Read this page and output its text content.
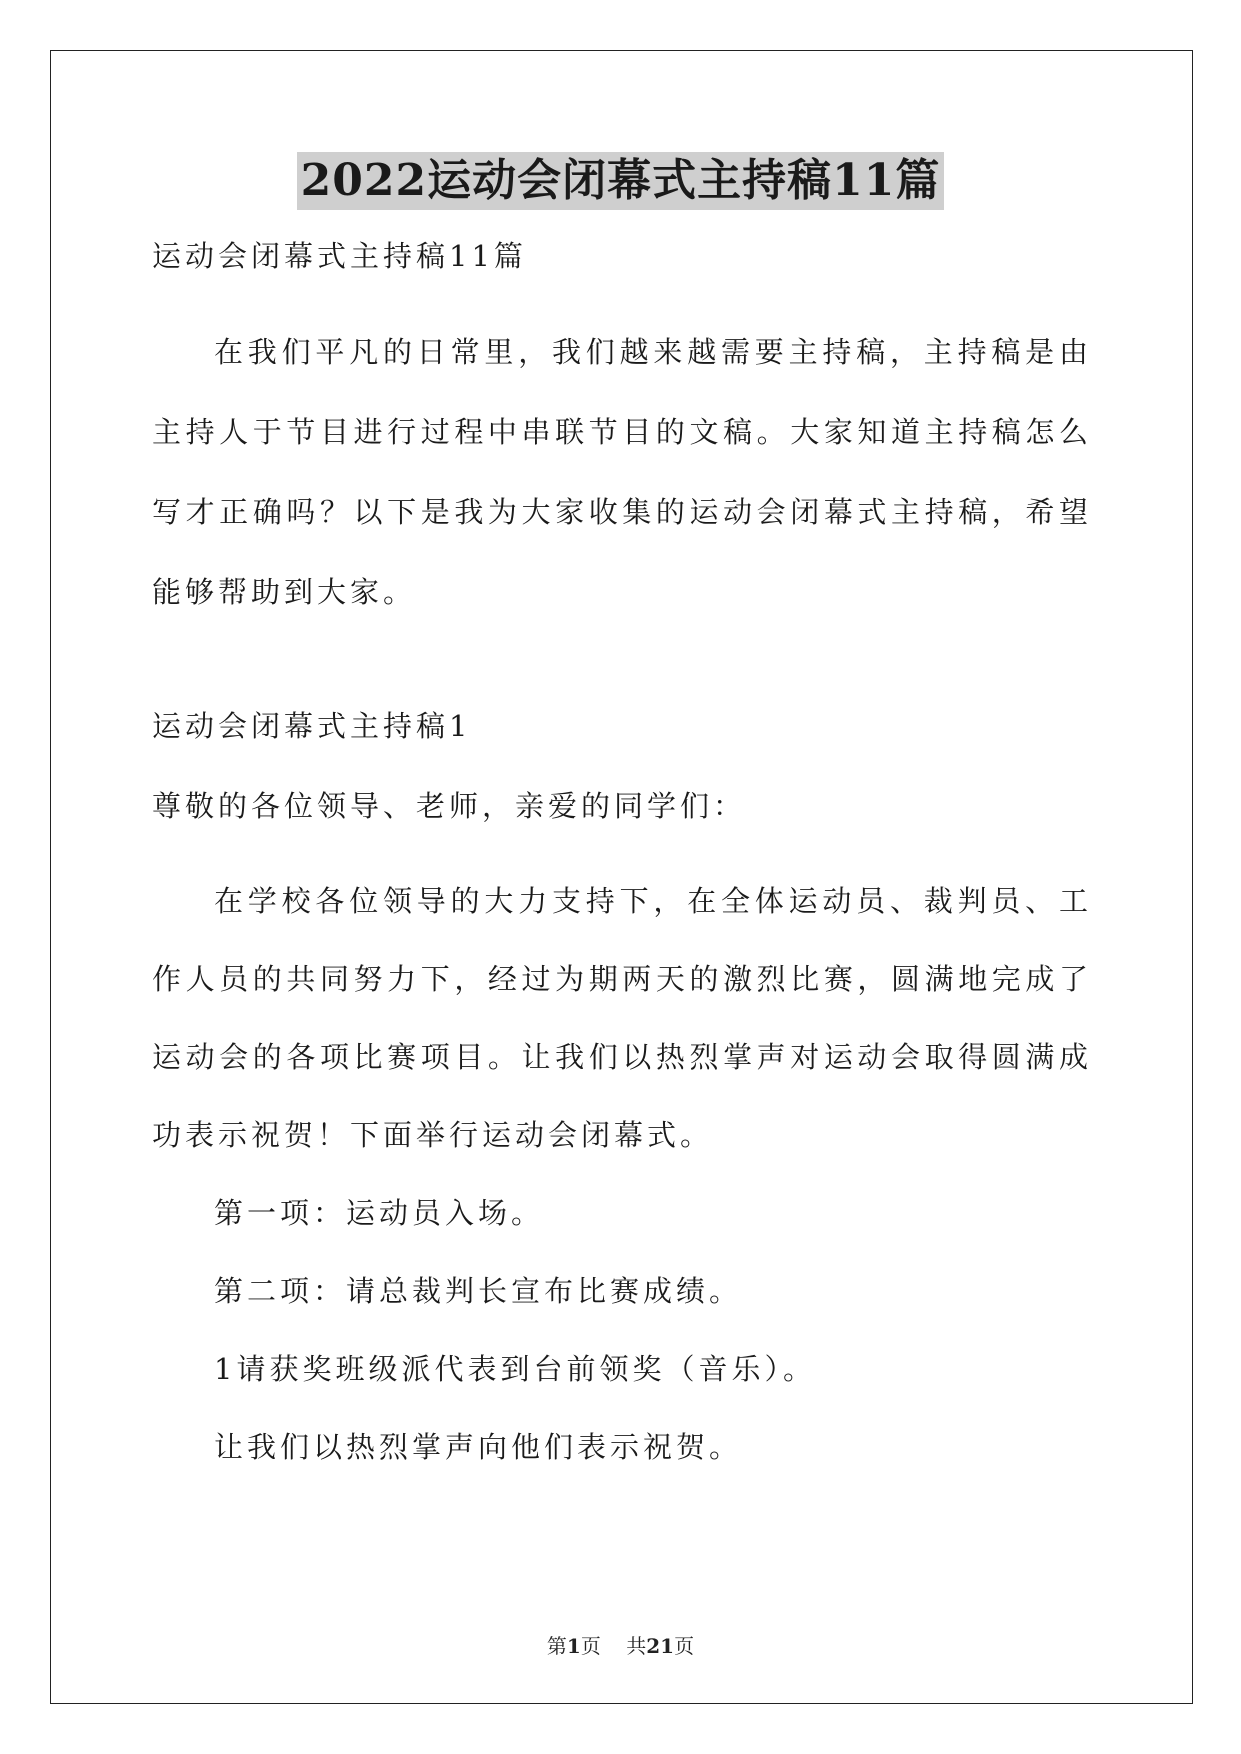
2022运动会闭幕式主持稿11篇
运动会闭幕式主持稿11篇

在我们平凡的日常里，我们越来越需要主持稿，主持稿是由主持人于节目进行过程中串联节目的文稿。大家知道主持稿怎么写才正确吗？以下是我为大家收集的运动会闭幕式主持稿，希望能够帮助到大家。

运动会闭幕式主持稿1
尊敬的各位领导、老师，亲爱的同学们：

在学校各位领导的大力支持下，在全体运动员、裁判员、工作人员的共同努力下，经过为期两天的激烈比赛，圆满地完成了运动会的各项比赛项目。让我们以热烈掌声对运动会取得圆满成功表示祝贺！下面举行运动会闭幕式。

第一项：运动员入场。

第二项：请总裁判长宣布比赛成绩。

1请获奖班级派代表到台前领奖（音乐）。

让我们以热烈掌声向他们表示祝贺。

第1页 共21页
